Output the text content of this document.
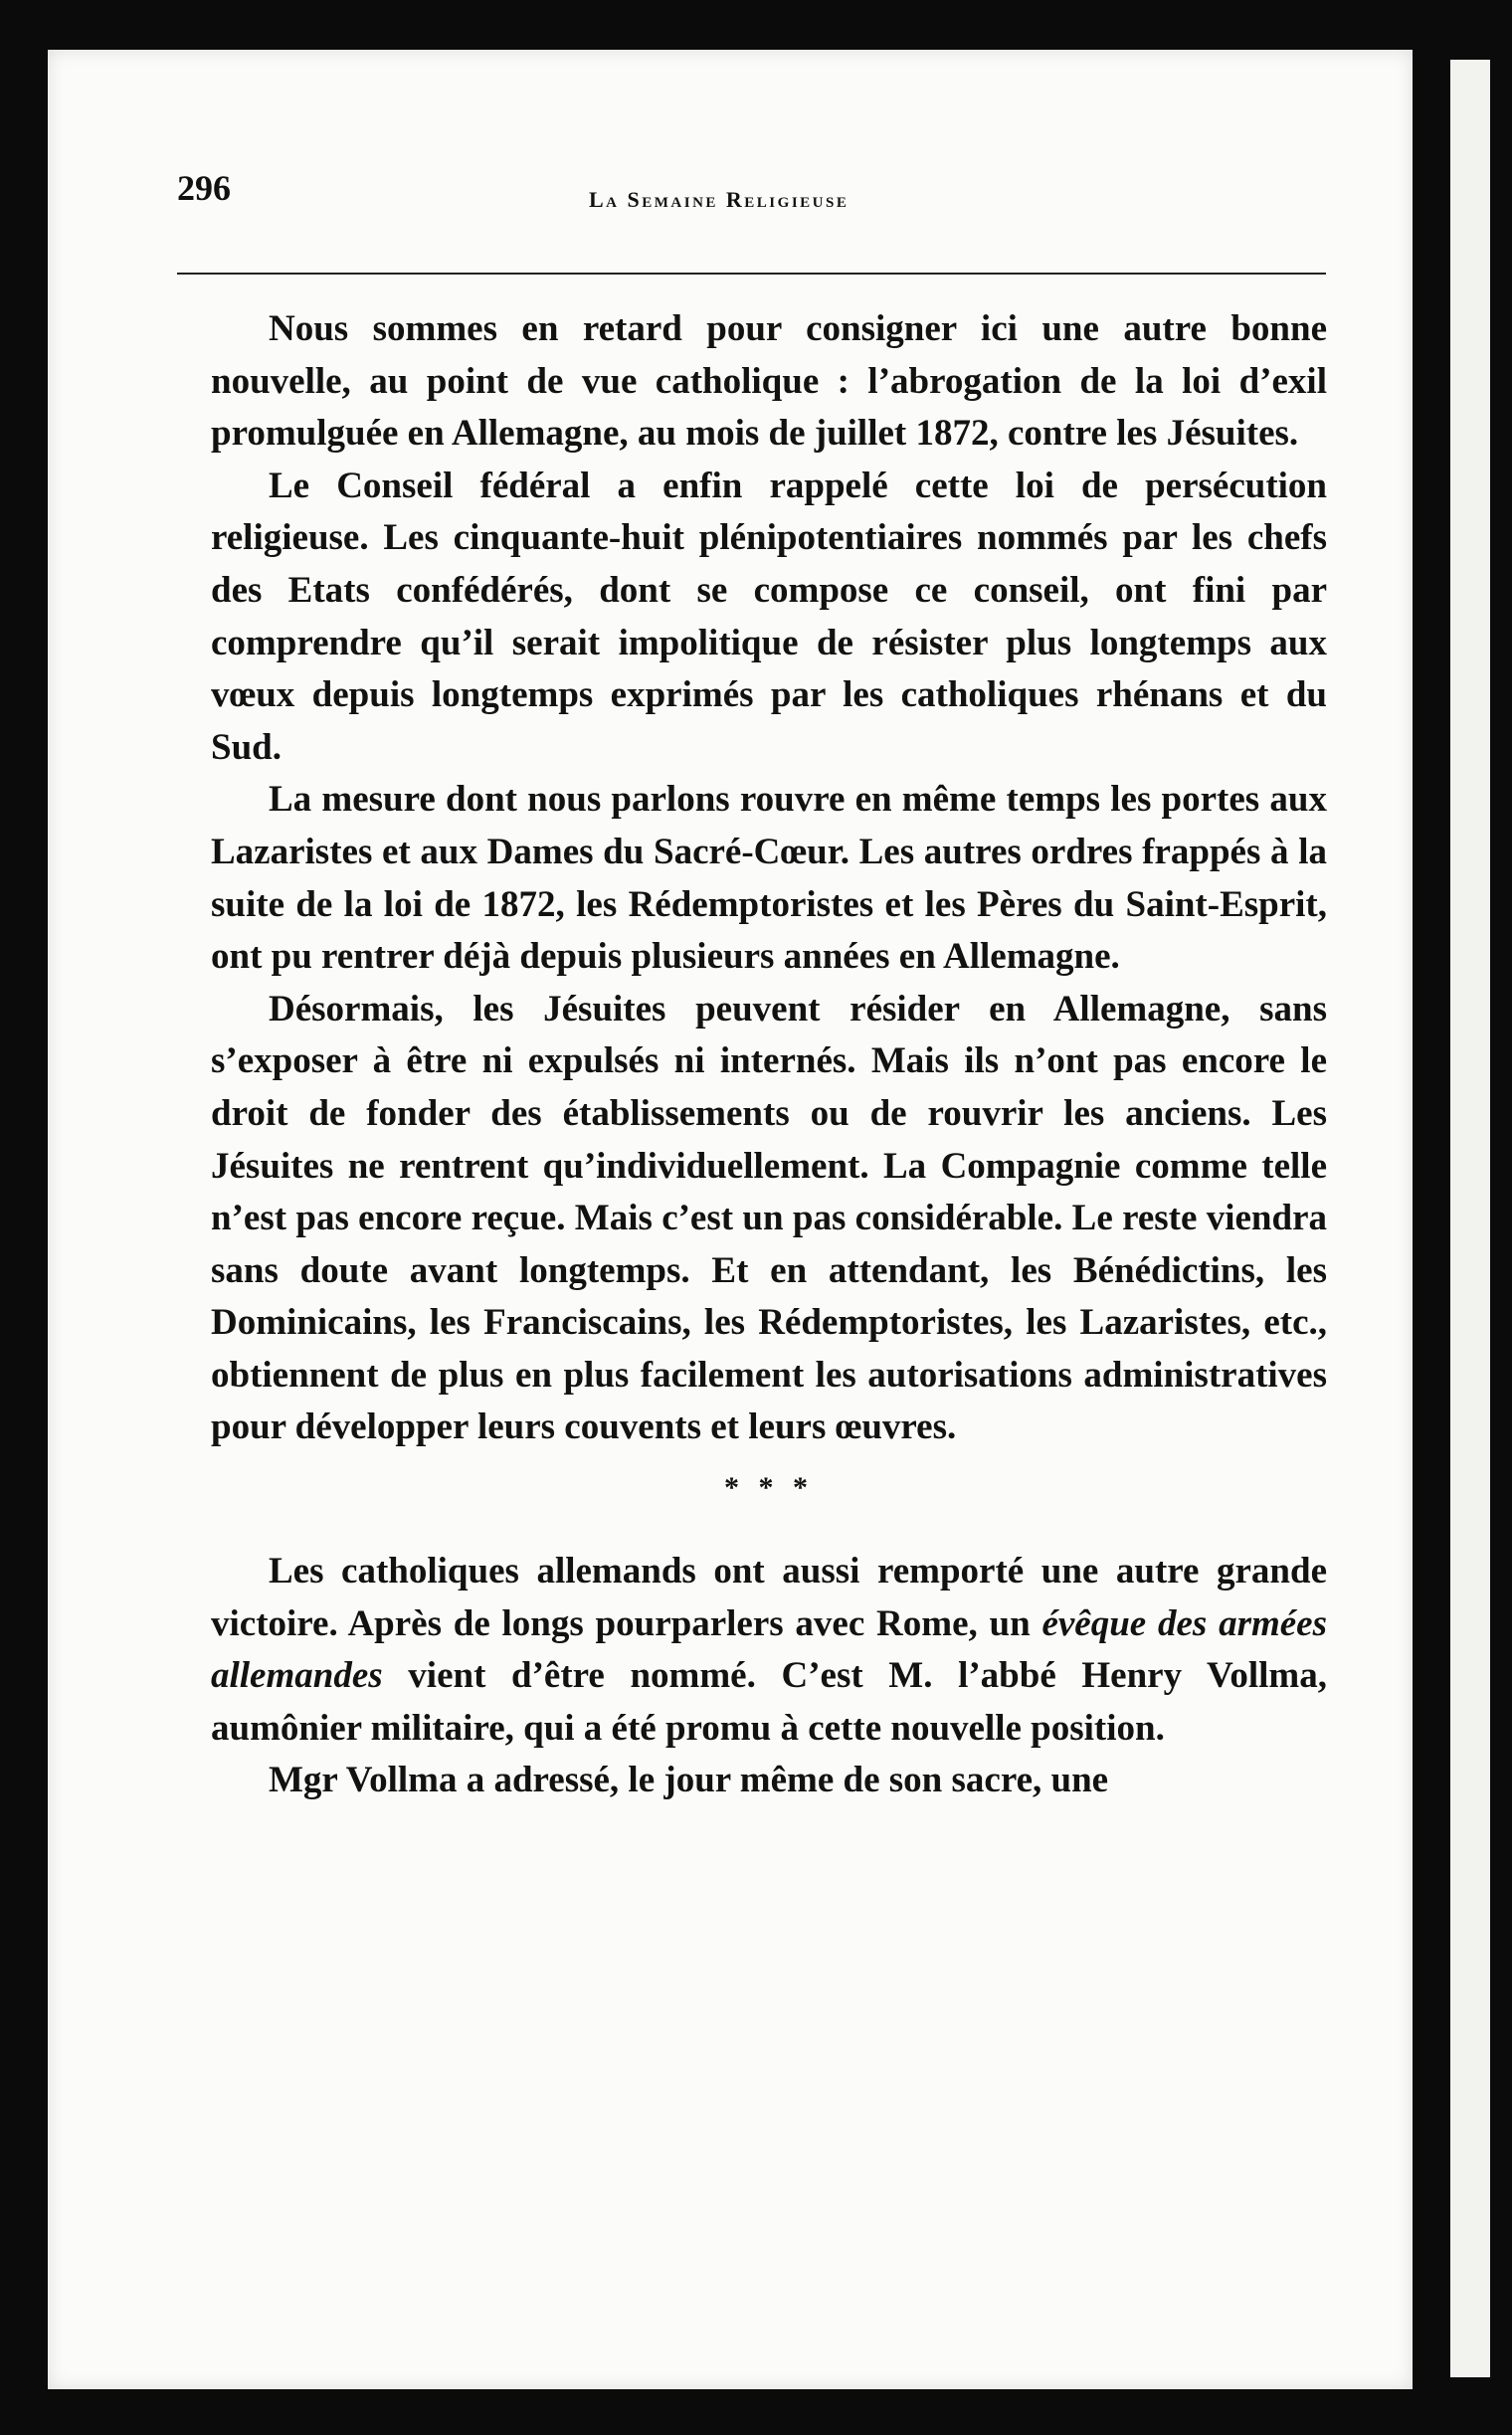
296	La Semaine Religieuse

Nous sommes en retard pour consigner ici une autre bonne nouvelle, au point de vue catholique : l’abrogation de la loi d’exil promulguée en Allemagne, au mois de juillet 1872, contre les Jésuites.

Le Conseil fédéral a enfin rappelé cette loi de persécution religieuse. Les cinquante-huit plénipotentiaires nommés par les chefs des Etats confédérés, dont se compose ce conseil, ont fini par comprendre qu’il serait impolitique de résister plus longtemps aux vœux depuis longtemps exprimés par les catholiques rhénans et du Sud.

La mesure dont nous parlons rouvre en même temps les portes aux Lazaristes et aux Dames du Sacré-Cœur. Les autres ordres frappés à la suite de la loi de 1872, les Rédemptoristes et les Pères du Saint-Esprit, ont pu rentrer déjà depuis plusieurs années en Allemagne.

Désormais, les Jésuites peuvent résider en Allemagne, sans s’exposer à être ni expulsés ni internés. Mais ils n’ont pas encore le droit de fonder des établissements ou de rouvrir les anciens. Les Jésuites ne rentrent qu’individuellement. La Compagnie comme telle n’est pas encore reçue. Mais c’est un pas considérable. Le reste viendra sans doute avant longtemps. Et en attendant, les Bénédictins, les Dominicains, les Franciscains, les Rédemptoristes, les Lazaristes, etc., obtiennent de plus en plus facilement les autorisations administratives pour développer leurs couvents et leurs œuvres.

* * *

Les catholiques allemands ont aussi remporté une autre grande victoire. Après de longs pourparlers avec Rome, un évêque des armées allemandes vient d’être nommé. C’est M. l’abbé Henry Vollma, aumônier militaire, qui a été promu à cette nouvelle position.

Mgr Vollma a adressé, le jour même de son sacre, une
